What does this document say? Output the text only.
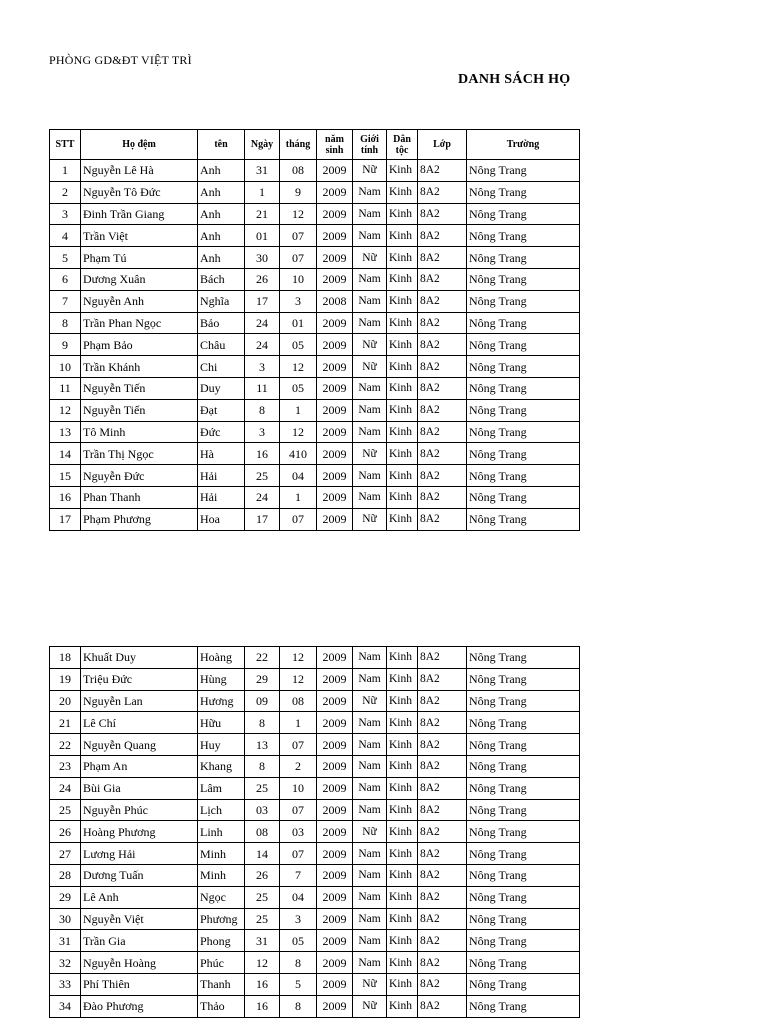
PHÒNG GD&ĐT VIỆT TRÌ
DANH SÁCH HỌ
STT	Họ đệm	tên	Ngày	tháng	năm sinh	Giới tính	Dân tộc	Lớp	Trường
1	Nguyễn Lê Hà	Anh	31	08	2009	Nữ	Kinh	8A2	Nông Trang
2	Nguyễn Tô Đức	Anh	1	9	2009	Nam	Kinh	8A2	Nông Trang
3	Đinh Trần Giang	Anh	21	12	2009	Nam	Kinh	8A2	Nông Trang
4	Trần Việt	Anh	01	07	2009	Nam	Kinh	8A2	Nông Trang
5	Phạm Tú	Anh	30	07	2009	Nữ	Kinh	8A2	Nông Trang
6	Dương Xuân	Bách	26	10	2009	Nam	Kinh	8A2	Nông Trang
7	Nguyễn Anh	Nghĩa	17	3	2008	Nam	Kinh	8A2	Nông Trang
8	Trần Phan Ngọc	Bảo	24	01	2009	Nam	Kinh	8A2	Nông Trang
9	Phạm Bảo	Châu	24	05	2009	Nữ	Kinh	8A2	Nông Trang
10	Trần Khánh	Chi	3	12	2009	Nữ	Kinh	8A2	Nông Trang
11	Nguyễn Tiến	Duy	11	05	2009	Nam	Kinh	8A2	Nông Trang
12	Nguyễn Tiến	Đạt	8	1	2009	Nam	Kinh	8A2	Nông Trang
13	Tô Minh	Đức	3	12	2009	Nam	Kinh	8A2	Nông Trang
14	Trần Thị Ngọc	Hà	16	410	2009	Nữ	Kinh	8A2	Nông Trang
15	Nguyễn Đức	Hải	25	04	2009	Nam	Kinh	8A2	Nông Trang
16	Phan Thanh	Hải	24	1	2009	Nam	Kinh	8A2	Nông Trang
17	Phạm Phương	Hoa	17	07	2009	Nữ	Kinh	8A2	Nông Trang
18	Khuất Duy	Hoàng	22	12	2009	Nam	Kinh	8A2	Nông Trang
19	Triệu Đức	Hùng	29	12	2009	Nam	Kinh	8A2	Nông Trang
20	Nguyễn Lan	Hương	09	08	2009	Nữ	Kinh	8A2	Nông Trang
21	Lê Chí	Hữu	8	1	2009	Nam	Kinh	8A2	Nông Trang
22	Nguyễn Quang	Huy	13	07	2009	Nam	Kinh	8A2	Nông Trang
23	Phạm An	Khang	8	2	2009	Nam	Kinh	8A2	Nông Trang
24	Bùi Gia	Lâm	25	10	2009	Nam	Kinh	8A2	Nông Trang
25	Nguyễn Phúc	Lịch	03	07	2009	Nam	Kinh	8A2	Nông Trang
26	Hoàng Phương	Linh	08	03	2009	Nữ	Kinh	8A2	Nông Trang
27	Lương Hải	Minh	14	07	2009	Nam	Kinh	8A2	Nông Trang
28	Dương Tuấn	Minh	26	7	2009	Nam	Kinh	8A2	Nông Trang
29	Lê Anh	Ngọc	25	04	2009	Nam	Kinh	8A2	Nông Trang
30	Nguyễn Việt	Phương	25	3	2009	Nam	Kinh	8A2	Nông Trang
31	Trần Gia	Phong	31	05	2009	Nam	Kinh	8A2	Nông Trang
32	Nguyễn Hoàng	Phúc	12	8	2009	Nam	Kinh	8A2	Nông Trang
33	Phí Thiên	Thanh	16	5	2009	Nữ	Kinh	8A2	Nông Trang
34	Đào Phương	Thảo	16	8	2009	Nữ	Kinh	8A2	Nông Trang
